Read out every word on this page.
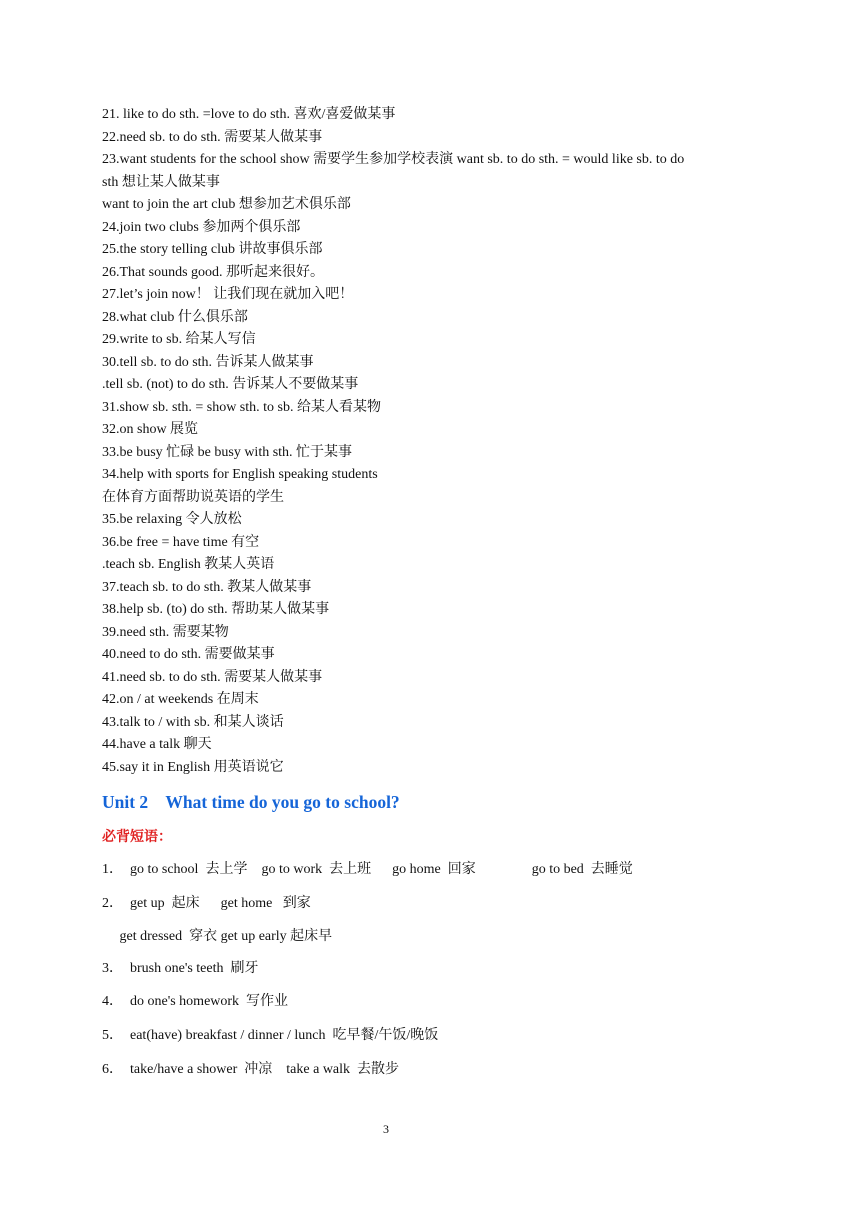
21. like to do sth. =love to do sth. 喜欢/喜爱做某事
22.need sb. to do sth. 需要某人做某事
23.want students for the school show 需要学生参加学校表演 want sb. to do sth. = would like sb. to do
sth 想让某人做某事
want to join the art club 想参加艺术俱乐部
24.join two clubs 参加两个俱乐部
25.the story telling club 讲故事俱乐部
26.That sounds good. 那听起来很好。
27.let’s join now！ 让我们现在就加入吧！
28.what club 什么俱乐部
29.write to sb. 给某人写信
30.tell sb. to do sth. 告诉某人做某事
.tell sb. (not) to do sth. 告诉某人不要做某事
31.show sb. sth. = show sth. to sb. 给某人看某物
32.on show 展览
33.be busy 忙碌 be busy with sth. 忙于某事
34.help with sports for English speaking students
在体育方面帮助说英语的学生
35.be relaxing 令人放松
36.be free = have time 有空
.teach sb. English 教某人英语
37.teach sb. to do sth. 教某人做某事
38.help sb. (to) do sth. 帮助某人做某事
39.need sth. 需要某物
40.need to do sth. 需要做某事
41.need sb. to do sth. 需要某人做某事
42.on / at weekends 在周末
43.talk to / with sb. 和某人谈话
44.have a talk 聊天
45.say it in English 用英语说它
Unit 2    What time do you go to school?
必背短语：
1．  go to school  去上学    go to work  去上班      go home  回家                go to bed  去睡觉
2．  get up  起床      get home   到家
get dressed  穿衣 get up early 起床早
3．  brush one's teeth  刷牙
4．  do one's homework  写作业
5．  eat(have) breakfast / dinner / lunch  吃早餐/午饭/晚饭
6．  take/have a shower  冲凉    take a walk  去散步
3
